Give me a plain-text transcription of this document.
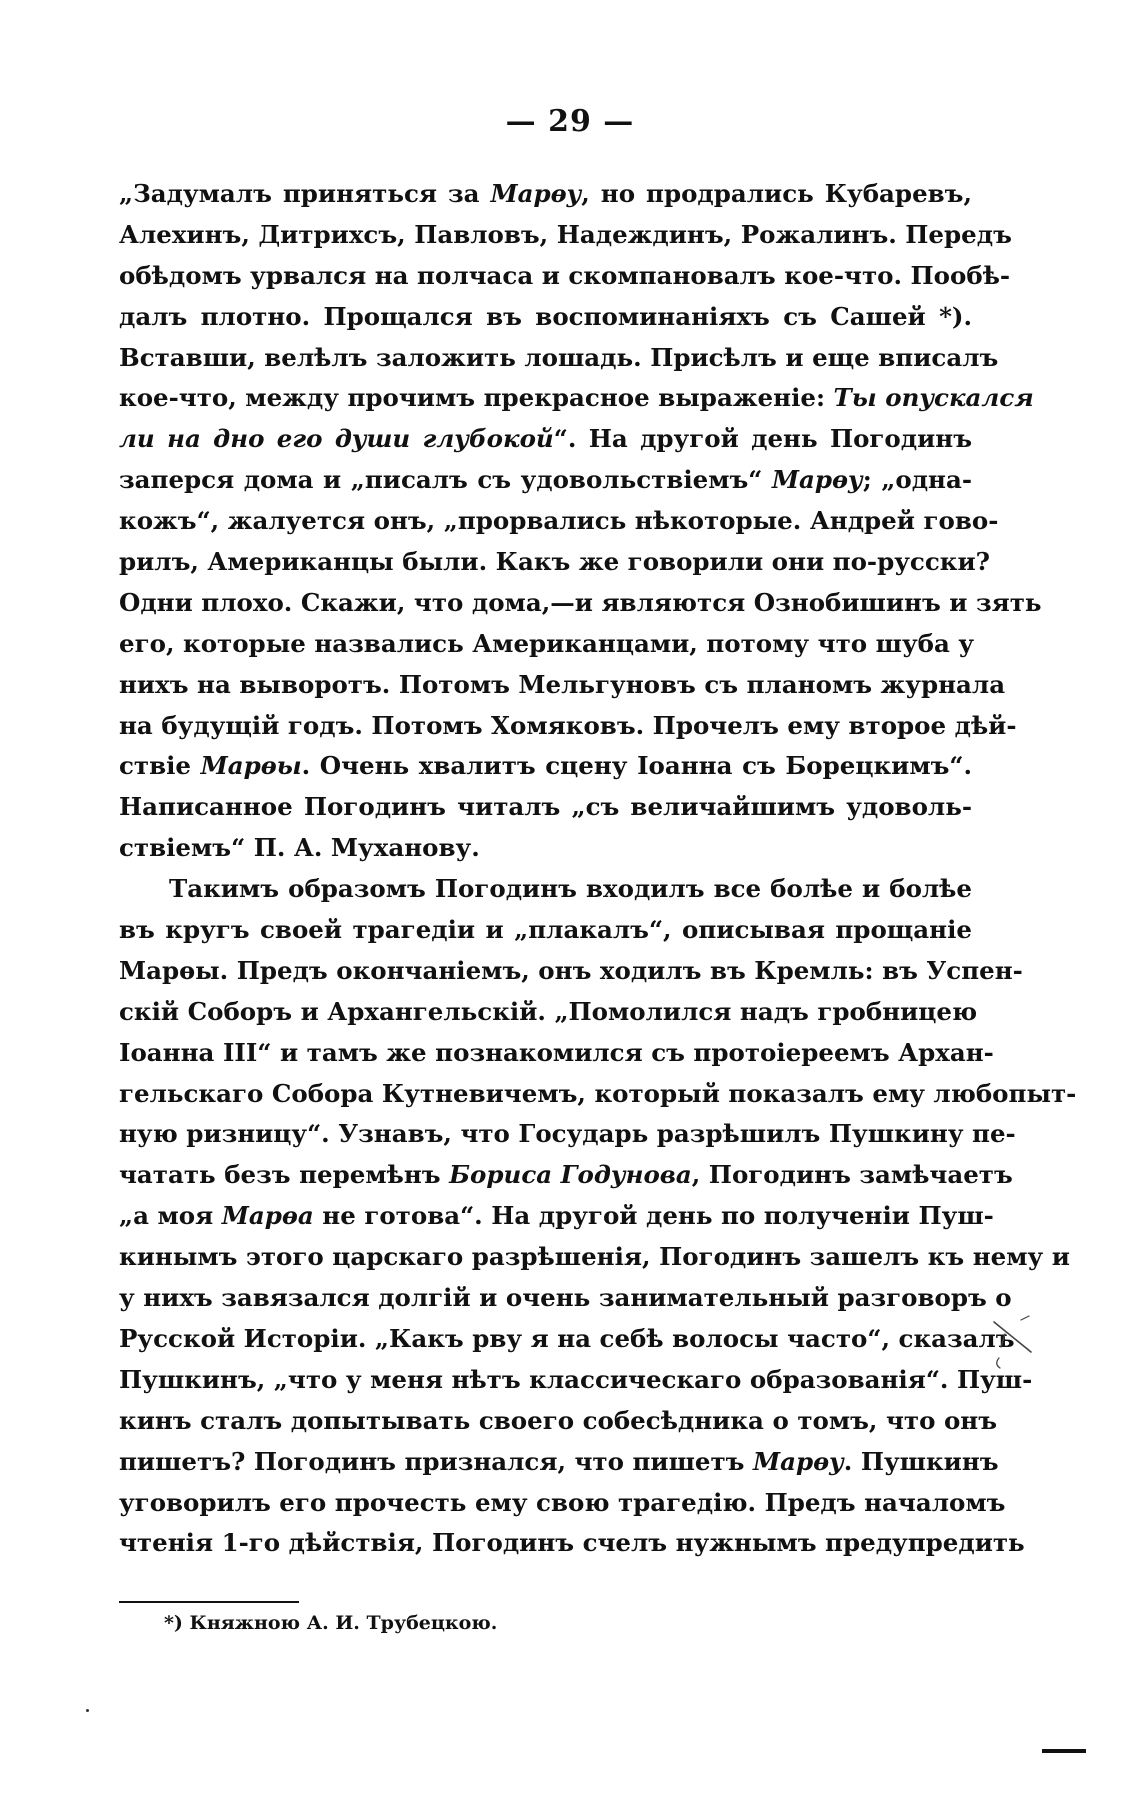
— 29 —
„Задумалъ приняться за Марѳу, но продрались Кубаревъ,
Алехинъ, Дитрихсъ, Павловъ, Надеждинъ, Рожалинъ. Передъ
обѣдомъ урвался на полчаса и скомпановалъ кое-что. Пообѣ-
далъ плотно. Прощался въ воспоминаніяхъ съ Сашей *).
Вставши, велѣлъ заложить лошадь. Присѣлъ и еще вписалъ
кое-что, между прочимъ прекрасное выраженіе: Ты опускался
ли на дно его души глубокой“. На другой день Погодинъ
заперся дома и „писалъ съ удовольствіемъ“ Марѳу; „одна-
кожъ“, жалуется онъ, „прорвались нѣкоторые. Андрей гово-
рилъ, Американцы были. Какъ же говорили они по-русски?
Одни плохо. Скажи, что дома,—и являются Ознобишинъ и зять
его, которые назвались Американцами, потому что шуба у
нихъ на выворотъ. Потомъ Мельгуновъ съ планомъ журнала
на будущій годъ. Потомъ Хомяковъ. Прочелъ ему второе дѣй-
ствіе Марѳы. Очень хвалитъ сцену Іоанна съ Борецкимъ“.
Написанное Погодинъ читалъ „съ величайшимъ удоволь-
ствіемъ“ П. А. Муханову.
Такимъ образомъ Погодинъ входилъ все болѣе и болѣе
въ кругъ своей трагедіи и „плакалъ“, описывая прощаніе
Марѳы. Предъ окончаніемъ, онъ ходилъ въ Кремль: въ Успен-
скій Соборъ и Архангельскій. „Помолился надъ гробницею
Іоанна III“ и тамъ же познакомился съ протоіереемъ Архан-
гельскаго Собора Кутневичемъ, который показалъ ему любопыт-
ную ризницу“. Узнавъ, что Государь разрѣшилъ Пушкину пе-
чатать безъ перемѣнъ Бориса Годунова, Погодинъ замѣчаетъ
„а моя Марѳа не готова“. На другой день по полученіи Пуш-
кинымъ этого царскаго разрѣшенія, Погодинъ зашелъ къ нему и
у нихъ завязался долгій и очень занимательный разговоръ о
Русской Исторіи. „Какъ рву я на себѣ волосы часто“, сказалъ
Пушкинъ, „что у меня нѣтъ классическаго образованія“. Пуш-
кинъ сталъ допытывать своего собесѣдника о томъ, что онъ
пишетъ? Погодинъ признался, что пишетъ Марѳу. Пушкинъ
уговорилъ его прочесть ему свою трагедію. Предъ началомъ
чтенія 1-го дѣйствія, Погодинъ счелъ нужнымъ предупредить
*) Княжною А. И. Трубецкою.
